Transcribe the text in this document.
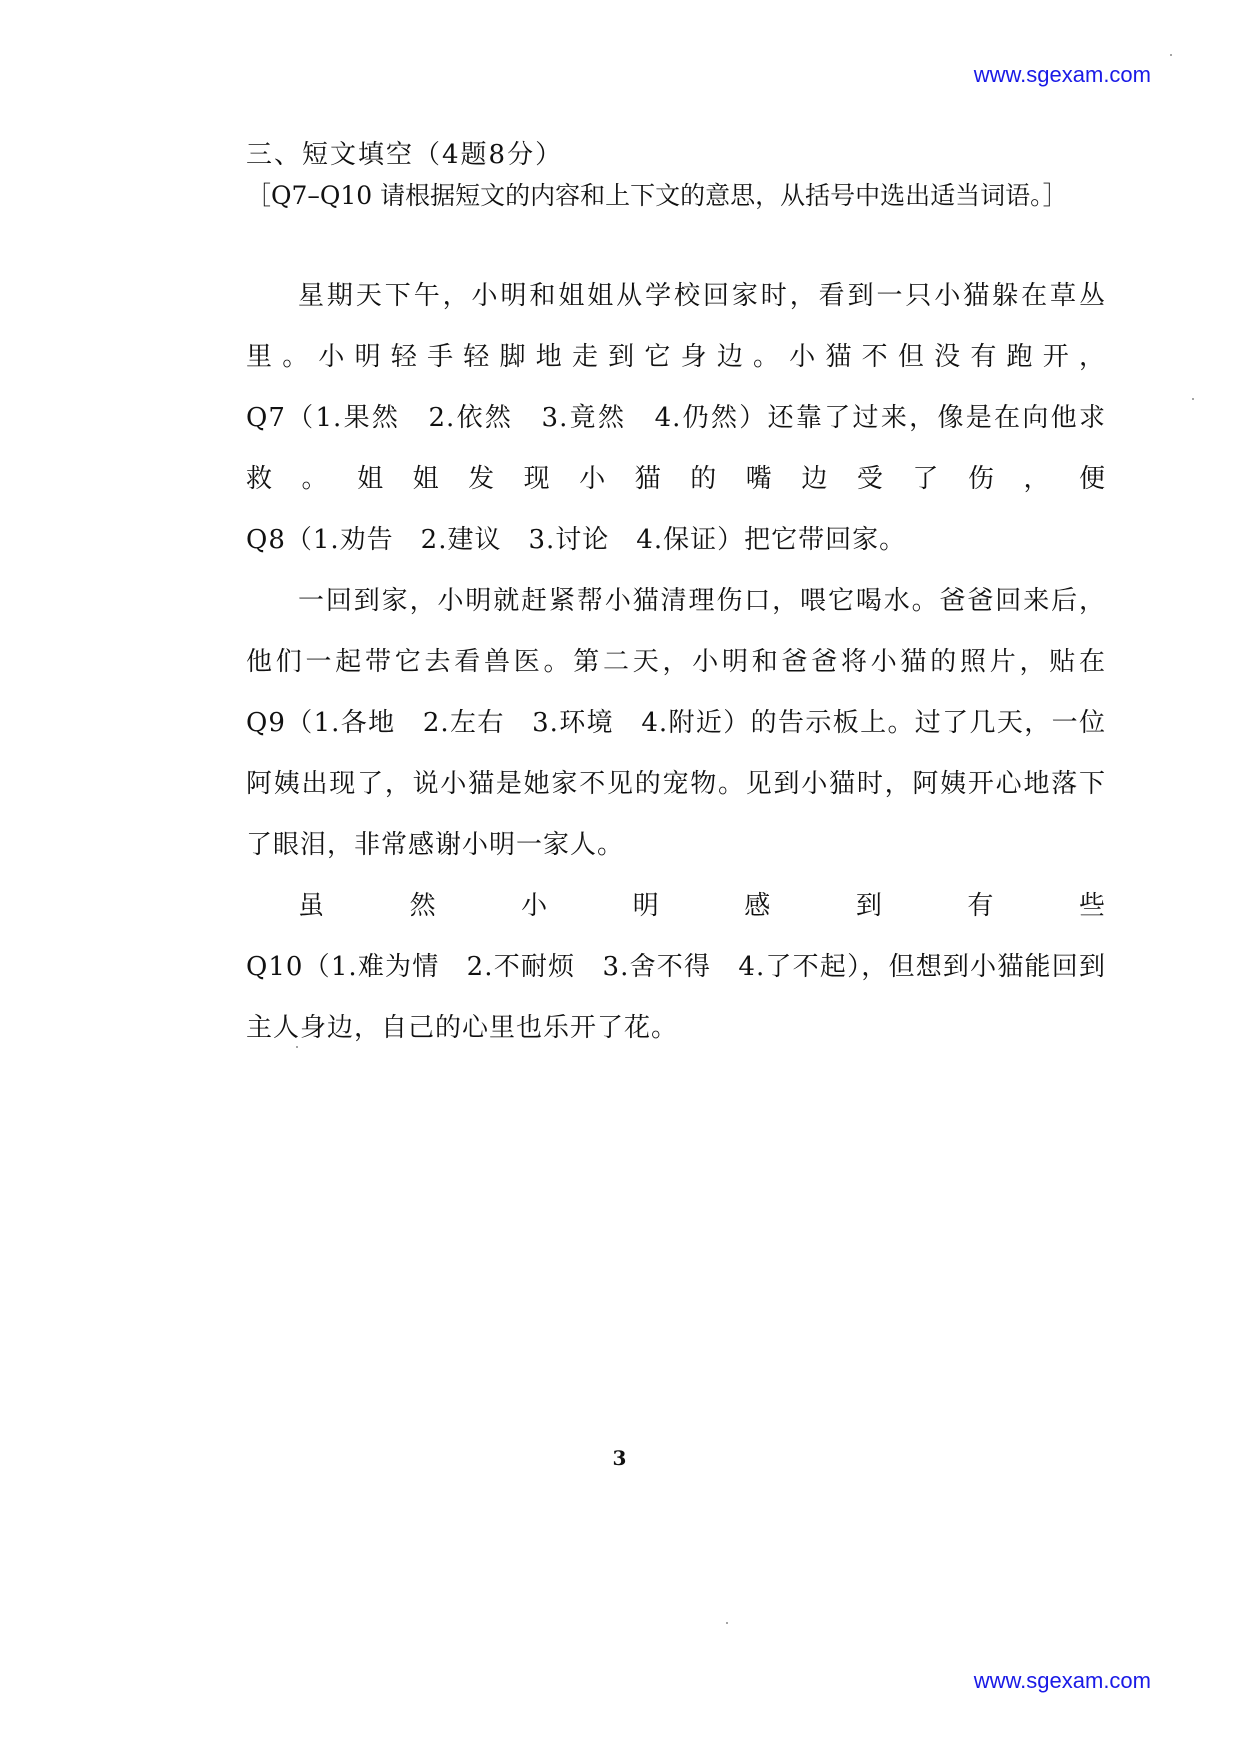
www.sgexam.com

三、短文填空（4题8分）

［Q7–Q10 请根据短文的内容和上下文的意思，从括号中选出适当词语。］

星期天下午，小明和姐姐从学校回家时，看到一只小猫躲在草丛里。小明轻手轻脚地走到它身边。小猫不但没有跑开，Q7（1.果然　2.依然　3.竟然　4.仍然）还靠了过来，像是在向他求救。姐姐发现小猫的嘴边受了伤，便Q8（1.劝告　2.建议　3.讨论　4.保证）把它带回家。

一回到家，小明就赶紧帮小猫清理伤口，喂它喝水。爸爸回来后，他们一起带它去看兽医。第二天，小明和爸爸将小猫的照片，贴在Q9（1.各地　2.左右　3.环境　4.附近）的告示板上。过了几天，一位阿姨出现了，说小猫是她家不见的宠物。见到小猫时，阿姨开心地落下了眼泪，非常感谢小明一家人。

虽然小明感到有些Q10（1.难为情　2.不耐烦　3.舍不得　4.了不起），但想到小猫能回到主人身边，自己的心里也乐开了花。

3
www.sgexam.com
